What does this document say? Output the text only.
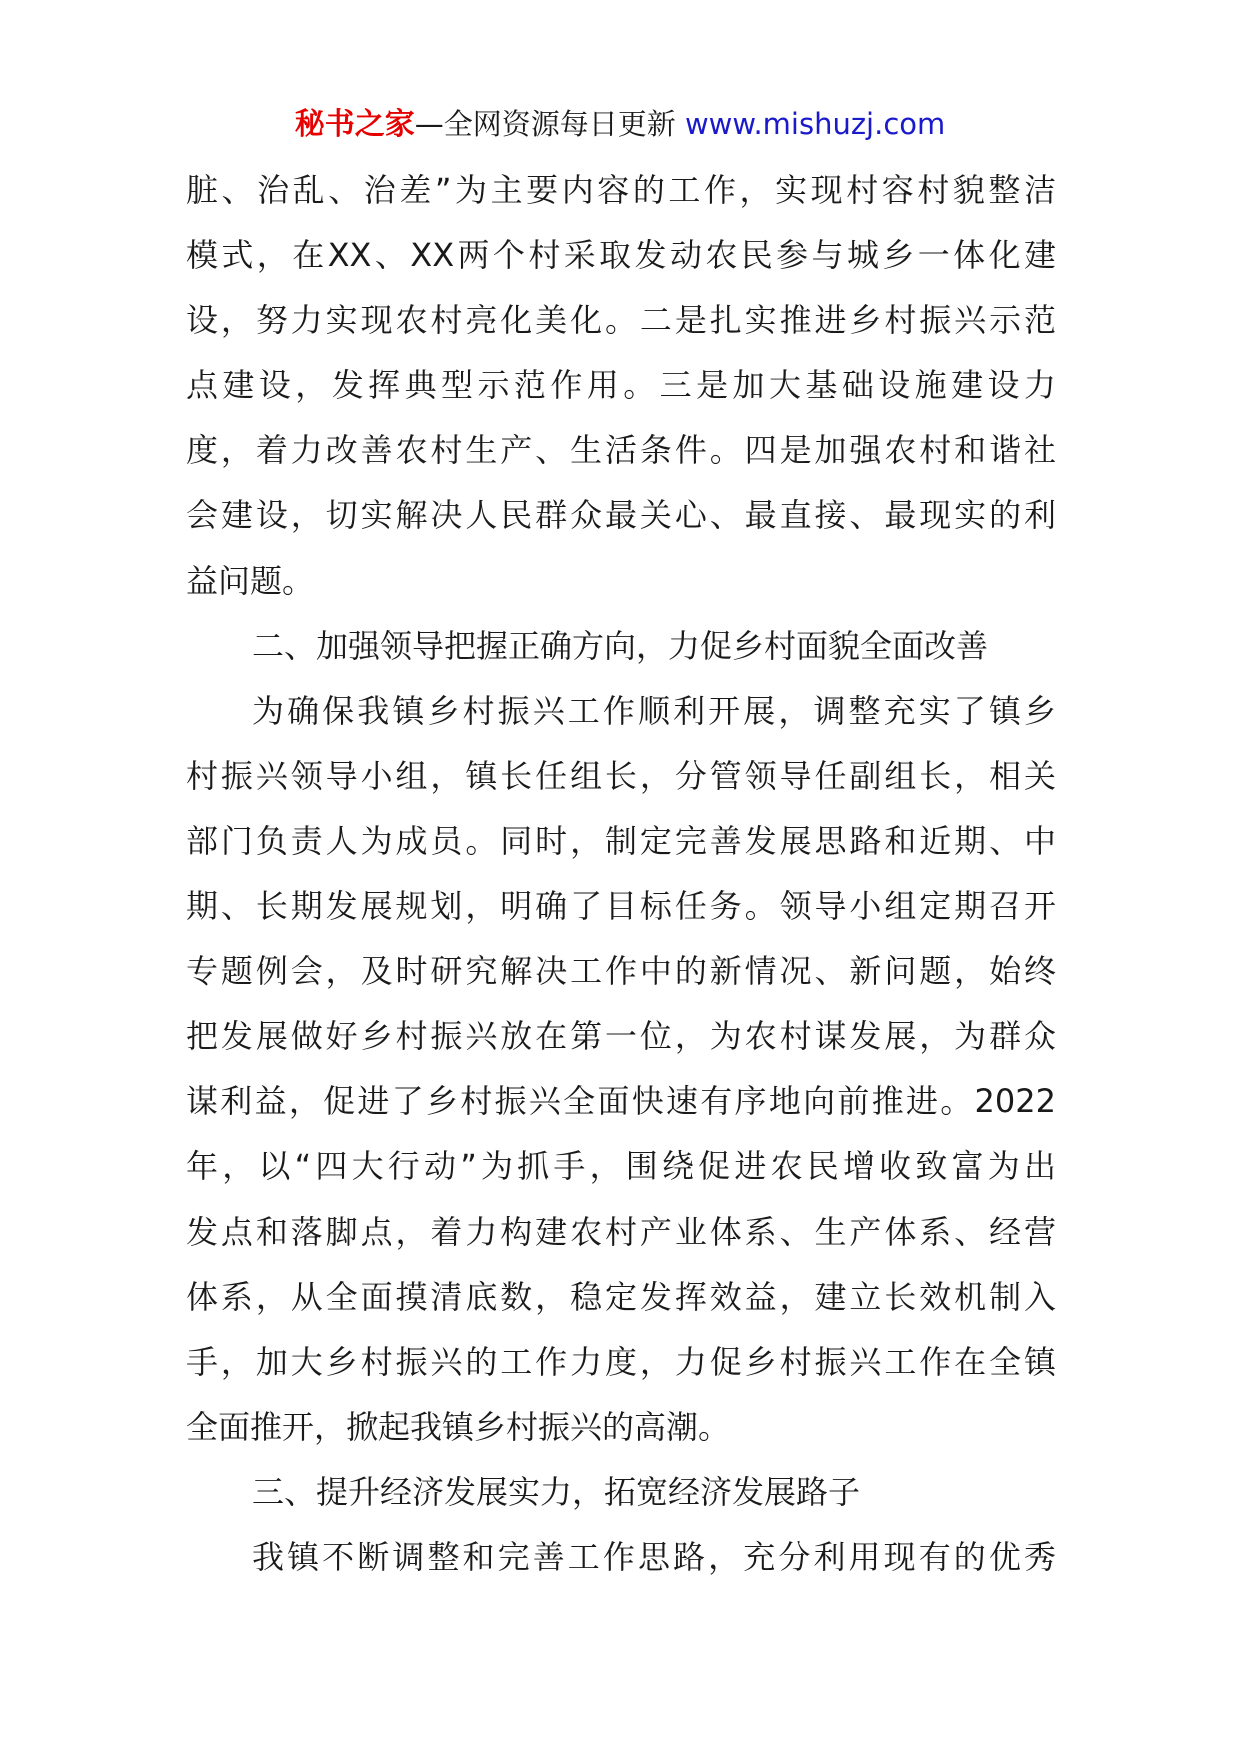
秘书之家—全网资源每日更新 www.mishuzj.com
脏、治乱、治差”为主要内容的工作，实现村容村貌整洁
模式，在XX、XX两个村采取发动农民参与城乡一体化建
设，努力实现农村亮化美化。二是扎实推进乡村振兴示范
点建设，发挥典型示范作用。三是加大基础设施建设力
度，着力改善农村生产、生活条件。四是加强农村和谐社
会建设，切实解决人民群众最关心、最直接、最现实的利
益问题。
二、加强领导把握正确方向，力促乡村面貌全面改善
为确保我镇乡村振兴工作顺利开展，调整充实了镇乡
村振兴领导小组，镇长任组长，分管领导任副组长，相关
部门负责人为成员。同时，制定完善发展思路和近期、中
期、长期发展规划，明确了目标任务。领导小组定期召开
专题例会，及时研究解决工作中的新情况、新问题，始终
把发展做好乡村振兴放在第一位，为农村谋发展，为群众
谋利益，促进了乡村振兴全面快速有序地向前推进。2022
年，以“四大行动”为抓手，围绕促进农民增收致富为出
发点和落脚点，着力构建农村产业体系、生产体系、经营
体系，从全面摸清底数，稳定发挥效益，建立长效机制入
手，加大乡村振兴的工作力度，力促乡村振兴工作在全镇
全面推开，掀起我镇乡村振兴的高潮。
三、提升经济发展实力，拓宽经济发展路子
我镇不断调整和完善工作思路，充分利用现有的优秀
